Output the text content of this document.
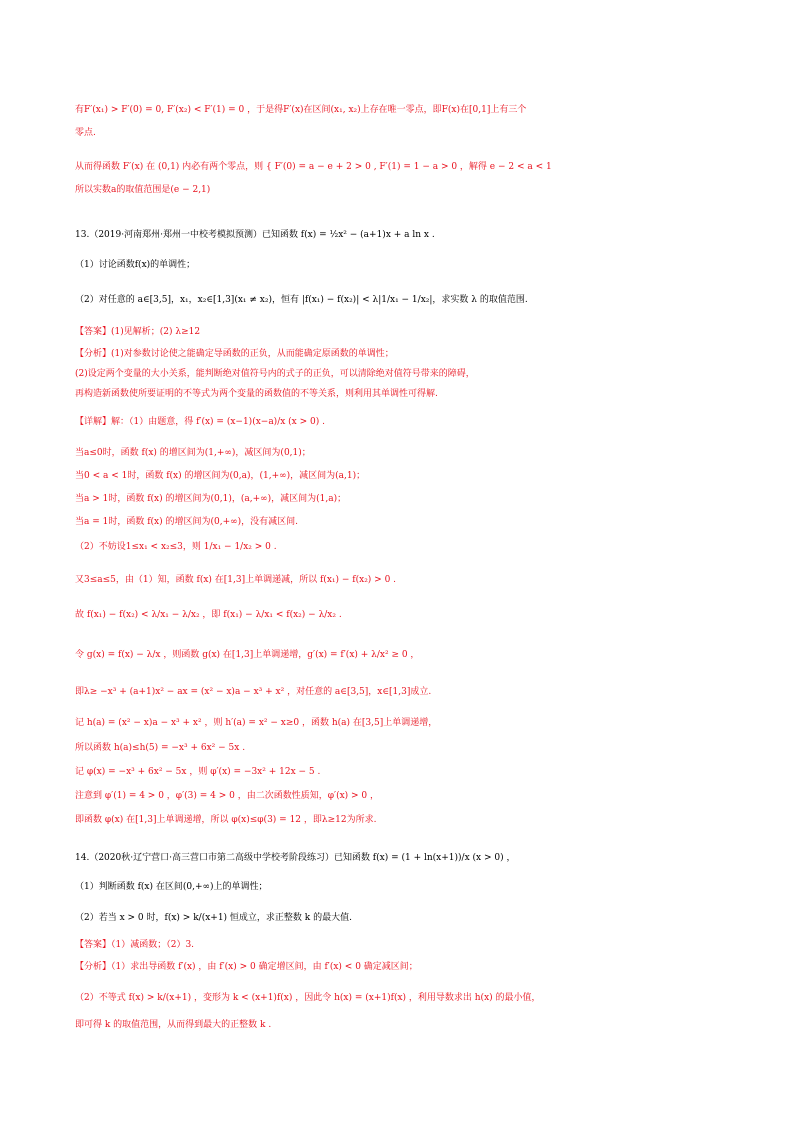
有F′(x₁) > F′(0) = 0, F′(x₂) < F′(1) = 0 ，于是得F′(x)在区间(x₁, x₂)上存在唯一零点，即F(x)在[0,1]上有三个
零点.
从而得函数 F′(x) 在 (0,1) 内必有两个零点，则 { F′(0) = a − e + 2 > 0 , F′(1) = 1 − a > 0 ，解得 e − 2 < a < 1
所以实数a的取值范围是(e − 2,1)
13.（2019·河南郑州·郑州一中校考模拟预测）已知函数 f(x) = ½x² − (a+1)x + a ln x .
（1）讨论函数f(x)的单调性；
（2）对任意的 a∈[3,5]，x₁，x₂∈[1,3](x₁ ≠ x₂)，恒有 |f(x₁) − f(x₂)| < λ|1/x₁ − 1/x₂|，求实数 λ 的取值范围.
【答案】(1)见解析；(2) λ≥12
【分析】(1)对参数讨论使之能确定导函数的正负，从而能确定原函数的单调性；
(2)设定两个变量的大小关系，能判断绝对值符号内的式子的正负，可以清除绝对值符号带来的障碍，
再构造新函数使所要证明的不等式为两个变量的函数值的不等关系，则利用其单调性可得解.
【详解】解：（1）由题意，得 f′(x) = (x−1)(x−a)/x (x > 0) .
当a≤0时，函数 f(x) 的增区间为(1,+∞)，减区间为(0,1)；
当0 < a < 1时，函数 f(x) 的增区间为(0,a)，(1,+∞)，减区间为(a,1)；
当a > 1时，函数 f(x) 的增区间为(0,1)，(a,+∞)，减区间为(1,a)；
当a = 1时，函数 f(x) 的增区间为(0,+∞)，没有减区间.
（2）不妨设1≤x₁ < x₂≤3，则 1/x₁ − 1/x₂ > 0 .
又3≤a≤5，由（1）知，函数 f(x) 在[1,3]上单调递减，所以 f(x₁) − f(x₂) > 0 .
故 f(x₁) − f(x₂) < λ/x₁ − λ/x₂ ，即 f(x₁) − λ/x₁ < f(x₂) − λ/x₂ .
令 g(x) = f(x) − λ/x ，则函数 g(x) 在[1,3]上单调递增，g′(x) = f′(x) + λ/x² ≥ 0 ，
即λ≥ −x³ + (a+1)x² − ax = (x² − x)a − x³ + x² ，对任意的 a∈[3,5]，x∈[1,3]成立.
记 h(a) = (x² − x)a − x³ + x² ，则 h′(a) = x² − x≥0 ，函数 h(a) 在[3,5]上单调递增，
所以函数 h(a)≤h(5) = −x³ + 6x² − 5x .
记 φ(x) = −x³ + 6x² − 5x ，则 φ′(x) = −3x² + 12x − 5 .
注意到 φ′(1) = 4 > 0 ，φ′(3) = 4 > 0 ，由二次函数性质知，φ′(x) > 0 ，
即函数 φ(x) 在[1,3]上单调递增，所以 φ(x)≤φ(3) = 12 ，即λ≥12为所求.
14.（2020秋·辽宁营口·高三营口市第二高级中学校考阶段练习）已知函数 f(x) = (1 + ln(x+1))/x (x > 0) ，
（1）判断函数 f(x) 在区间(0,+∞)上的单调性；
（2）若当 x > 0 时，f(x) > k/(x+1) 恒成立，求正整数 k 的最大值.
【答案】（1）减函数；（2）3.
【分析】（1）求出导函数 f′(x) ，由 f′(x) > 0 确定增区间，由 f′(x) < 0 确定减区间；
（2）不等式 f(x) > k/(x+1) ，变形为 k < (x+1)f(x) ，因此令 h(x) = (x+1)f(x) ，利用导数求出 h(x) 的最小值，
即可得 k 的取值范围，从而得到最大的正整数 k .
